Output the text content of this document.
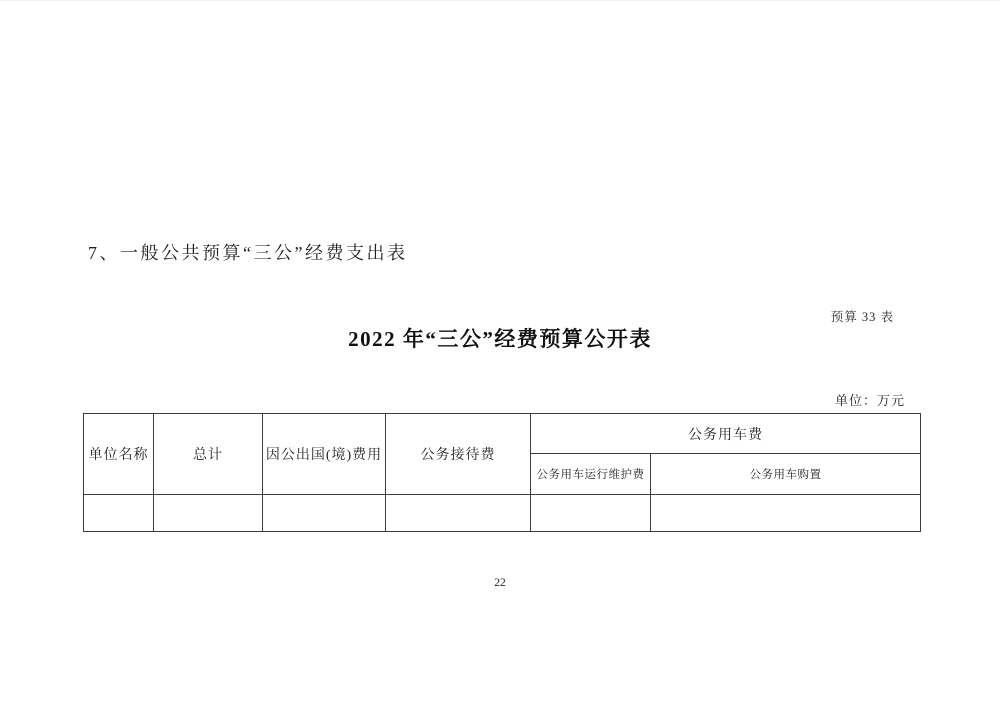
7、一般公共预算“三公”经费支出表
预算 33 表
2022 年“三公”经费预算公开表
单位：万元
单位名称	总计	因公出国(境)费用	公务接待费	公务用车费	
				公务用车运行维护费	公务用车购置

22
